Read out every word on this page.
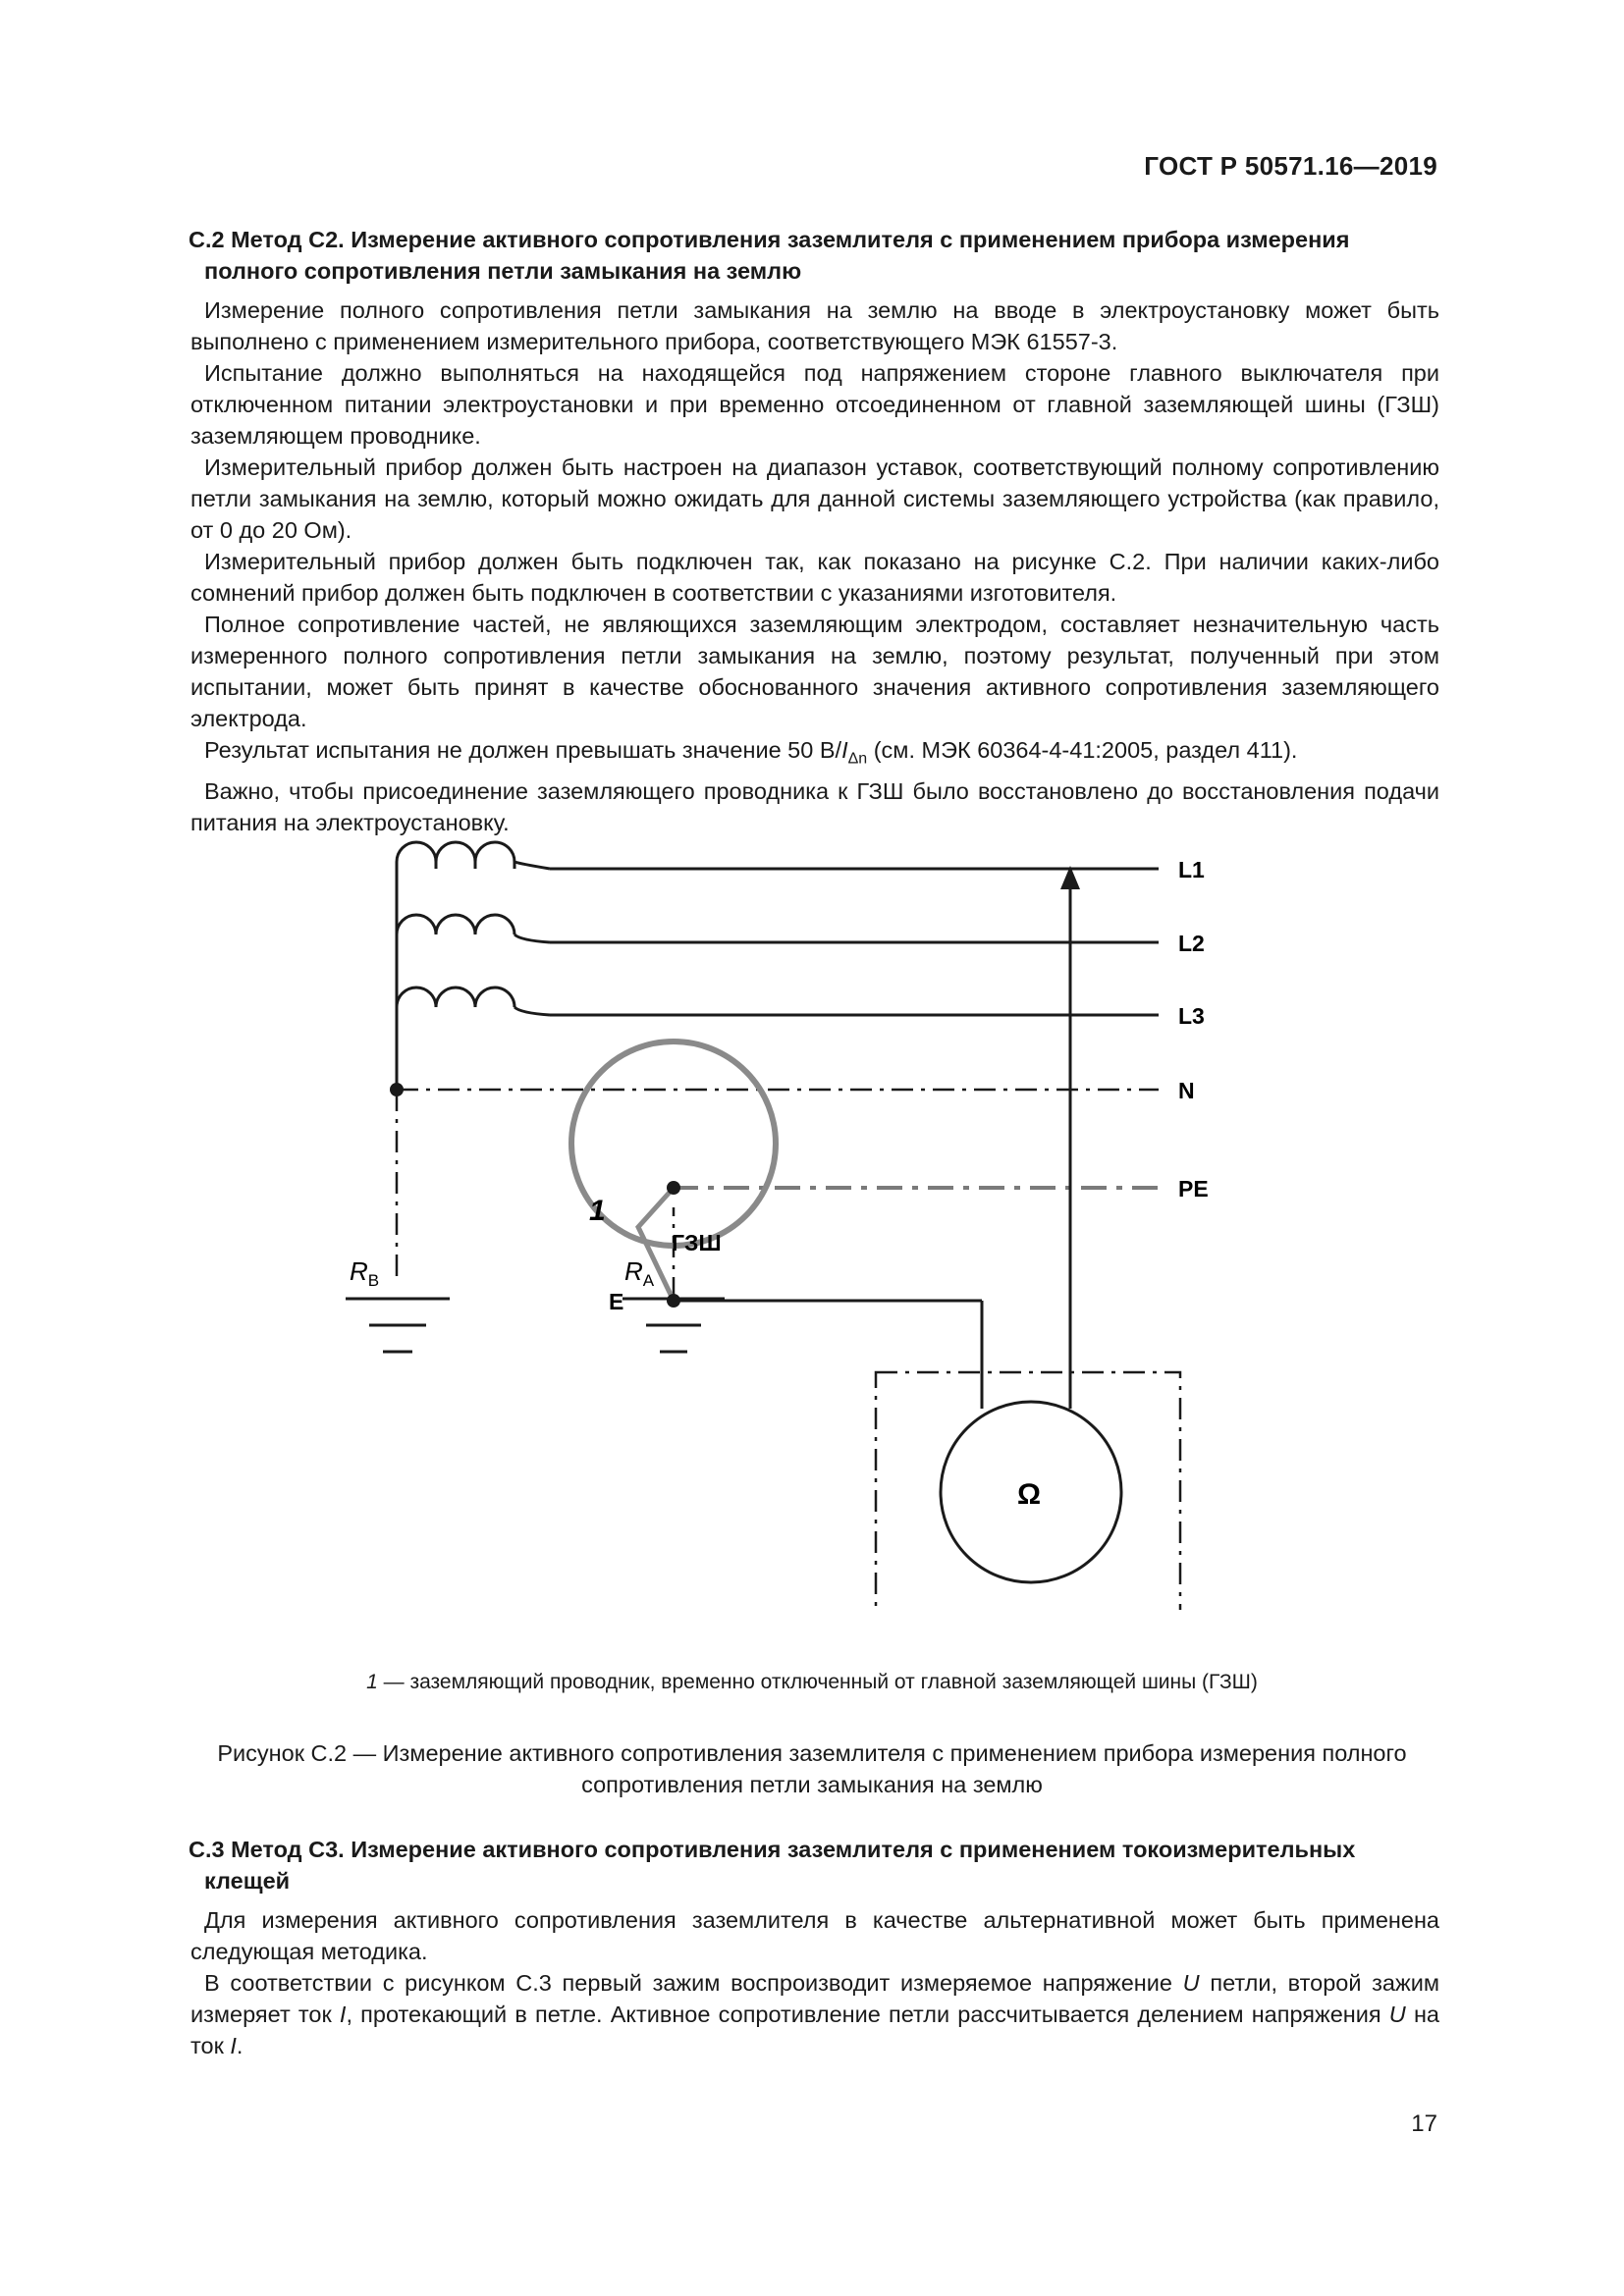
ГОСТ Р 50571.16—2019
С.2 Метод С2. Измерение активного сопротивления заземлителя с применением прибора измерения
полного сопротивления петли замыкания на землю

Измерение полного сопротивления петли замыкания на землю на вводе в электроустановку может быть выполнено с применением измерительного прибора, соответствующего МЭК 61557-3.

Испытание должно выполняться на находящейся под напряжением стороне главного выключателя при отключенном питании электроустановки и при временно отсоединенном от главной заземляющей шины (ГЗШ) заземляющем проводнике.

Измерительный прибор должен быть настроен на диапазон уставок, соответствующий полному сопротивлению петли замыкания на землю, который можно ожидать для данной системы заземляющего устройства (как правило, от 0 до 20 Ом).

Измерительный прибор должен быть подключен так, как показано на рисунке С.2. При наличии каких-либо сомнений прибор должен быть подключен в соответствии с указаниями изготовителя.

Полное сопротивление частей, не являющихся заземляющим электродом, составляет незначительную часть измеренного полного сопротивления петли замыкания на землю, поэтому результат, полученный при этом испытании, может быть принят в качестве обоснованного значения активного сопротивления заземляющего электрода.

Результат испытания не должен превышать значение 50 $В/I_{\Delta n}$ (см. МЭК 60364-4-41:2005, раздел 411).

Важно, чтобы присоединение заземляющего проводника к ГЗШ было восстановлено до восстановления подачи питания на электроустановку.

L1
L2
L3
N
PE
ГЗШ
E
1
Ω
$R_B$	$R_A$
1 — заземляющий проводник, временно отключенный от главной заземляющей шины (ГЗШ)
Рисунок С.2 — Измерение активного сопротивления заземлителя с применением прибора измерения полного
сопротивления петли замыкания на землю
С.3 Метод С3. Измерение активного сопротивления заземлителя с применением токоизмерительных
клещей

Для измерения активного сопротивления заземлителя в качестве альтернативной может быть применена следующая методика.

В соответствии с рисунком С.3 первый зажим воспроизводит измеряемое напряжение U петли, второй зажим измеряет ток I, протекающий в петле. Активное сопротивление петли рассчитывается делением напряжения U на ток I.

17
